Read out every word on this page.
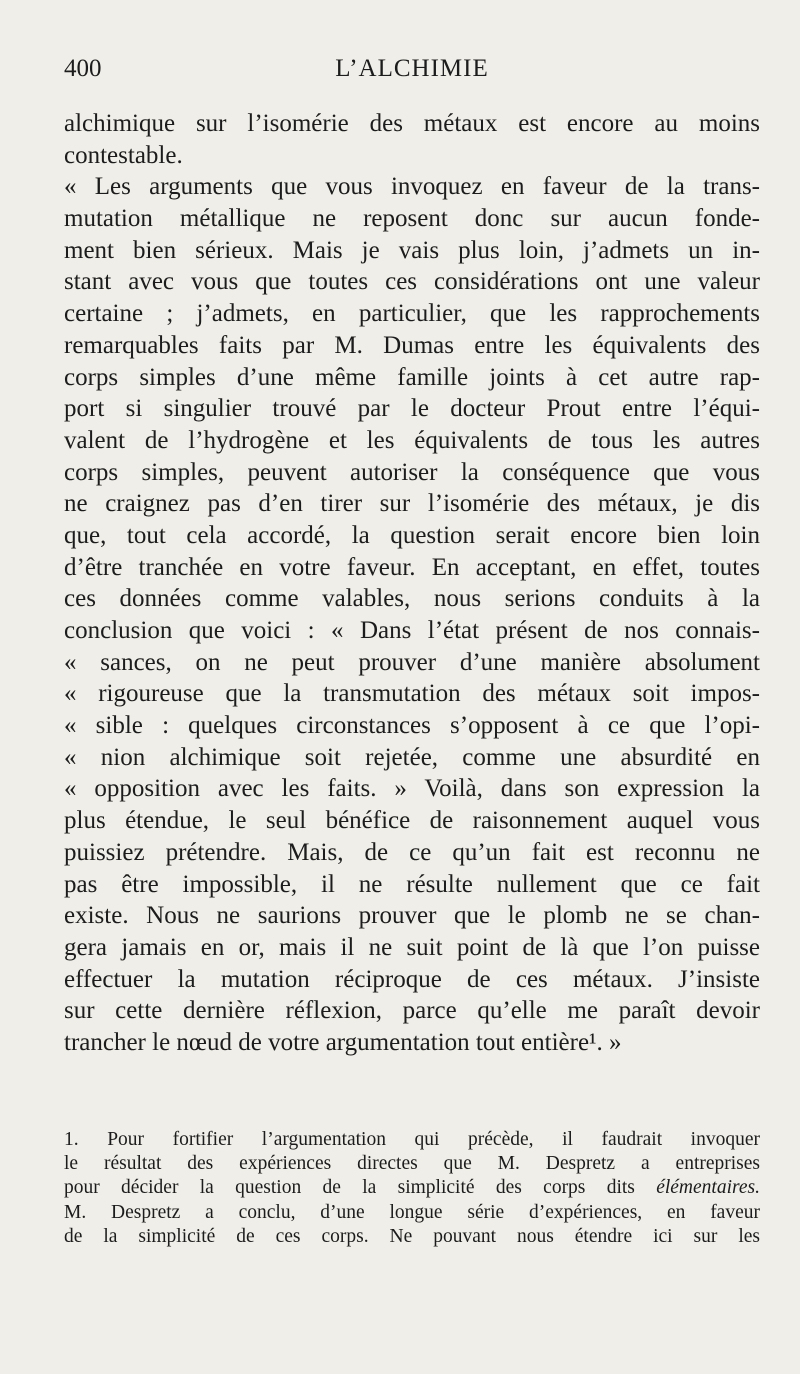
400	L’ALCHIMIE
alchimique sur l’isomérie des métaux est encore au moins
contestable.
« Les arguments que vous invoquez en faveur de la trans-
mutation métallique ne reposent donc sur aucun fonde-
ment bien sérieux. Mais je vais plus loin, j’admets un in-
stant avec vous que toutes ces considérations ont une valeur
certaine ; j’admets, en particulier, que les rapprochements
remarquables faits par M. Dumas entre les équivalents des
corps simples d’une même famille joints à cet autre rap-
port si singulier trouvé par le docteur Prout entre l’équi-
valent de l’hydrogène et les équivalents de tous les autres
corps simples, peuvent autoriser la conséquence que vous
ne craignez pas d’en tirer sur l’isomérie des métaux, je dis
que, tout cela accordé, la question serait encore bien loin
d’être tranchée en votre faveur. En acceptant, en effet, toutes
ces données comme valables, nous serions conduits à la
conclusion que voici : « Dans l’état présent de nos connais-
« sances, on ne peut prouver d’une manière absolument
« rigoureuse que la transmutation des métaux soit impos-
« sible : quelques circonstances s’opposent à ce que l’opi-
« nion alchimique soit rejetée, comme une absurdité en
« opposition avec les faits. » Voilà, dans son expression la
plus étendue, le seul bénéfice de raisonnement auquel vous
puissiez prétendre. Mais, de ce qu’un fait est reconnu ne
pas être impossible, il ne résulte nullement que ce fait
existe. Nous ne saurions prouver que le plomb ne se chan-
gera jamais en or, mais il ne suit point de là que l’on puisse
effectuer la mutation réciproque de ces métaux. J’insiste
sur cette dernière réflexion, parce qu’elle me paraît devoir
trancher le nœud de votre argumentation tout entière¹. »
1. Pour fortifier l’argumentation qui précède, il faudrait invoquer
le résultat des expériences directes que M. Despretz a entreprises
pour décider la question de la simplicité des corps dits élémentaires.
M. Despretz a conclu, d’une longue série d’expériences, en faveur
de la simplicité de ces corps. Ne pouvant nous étendre ici sur les
